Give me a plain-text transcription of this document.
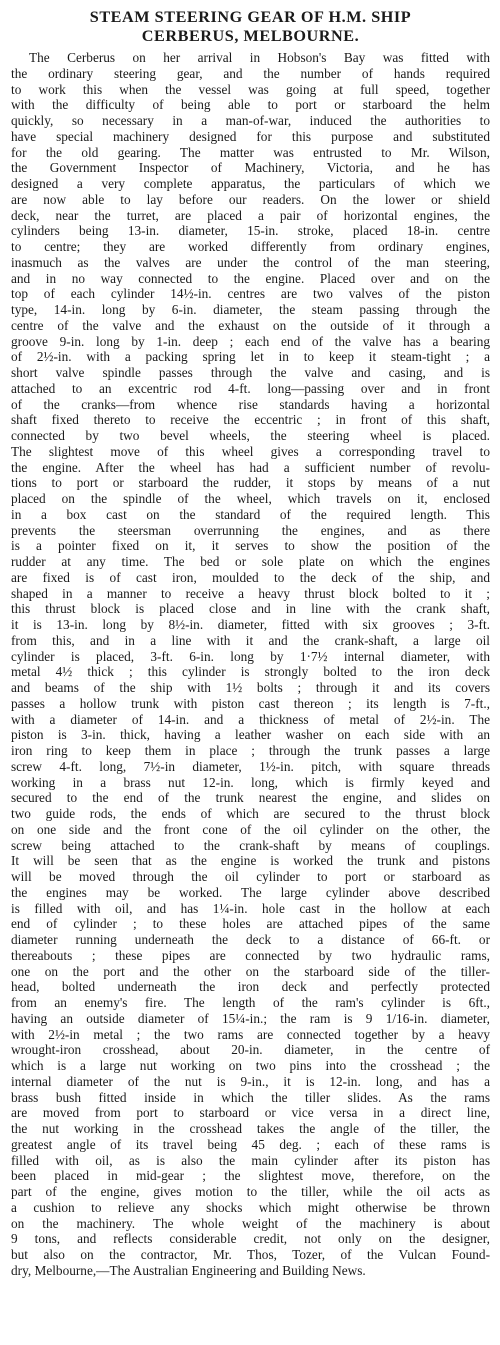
STEAM STEERING GEAR OF H.M. SHIP
CERBERUS, MELBOURNE.
The Cerberus on her arrival in Hobson's Bay was fitted with
the ordinary steering gear, and the number of hands required
to work this when the vessel was going at full speed, together
with the difficulty of being able to port or starboard the helm
quickly, so necessary in a man-of-war, induced the authorities to
have special machinery designed for this purpose and substituted
for the old gearing. The matter was entrusted to Mr. Wilson,
the Government Inspector of Machinery, Victoria, and he has
designed a very complete apparatus, the particulars of which we
are now able to lay before our readers. On the lower or shield
deck, near the turret, are placed a pair of horizontal engines, the
cylinders being 13-in. diameter, 15-in. stroke, placed 18-in. centre
to centre; they are worked differently from ordinary engines,
inasmuch as the valves are under the control of the man steering,
and in no way connected to the engine. Placed over and on the
top of each cylinder 14½-in. centres are two valves of the piston
type, 14-in. long by 6-in. diameter, the steam passing through the
centre of the valve and the exhaust on the outside of it through a
groove 9-in. long by 1-in. deep ; each end of the valve has a bearing
of 2½-in. with a packing spring let in to keep it steam-tight ; a
short valve spindle passes through the valve and casing, and is
attached to an excentric rod 4-ft. long—passing over and in front
of the cranks—from whence rise standards having a horizontal
shaft fixed thereto to receive the eccentric ; in front of this shaft,
connected by two bevel wheels, the steering wheel is placed.
The slightest move of this wheel gives a corresponding travel to
the engine. After the wheel has had a sufficient number of revolu-
tions to port or starboard the rudder, it stops by means of a nut
placed on the spindle of the wheel, which travels on it, enclosed
in a box cast on the standard of the required length. This
prevents the steersman overrunning the engines, and as there
is a pointer fixed on it, it serves to show the position of the
rudder at any time. The bed or sole plate on which the engines
are fixed is of cast iron, moulded to the deck of the ship, and
shaped in a manner to receive a heavy thrust block bolted to it ;
this thrust block is placed close and in line with the crank shaft,
it is 13-in. long by 8½-in. diameter, fitted with six grooves ; 3-ft.
from this, and in a line with it and the crank-shaft, a large oil
cylinder is placed, 3-ft. 6-in. long by 1·7½ internal diameter, with
metal 4½ thick ; this cylinder is strongly bolted to the iron deck
and beams of the ship with 1½ bolts ; through it and its covers
passes a hollow trunk with piston cast thereon ; its length is 7-ft.,
with a diameter of 14-in. and a thickness of metal of 2½-in. The
piston is 3-in. thick, having a leather washer on each side with an
iron ring to keep them in place ; through the trunk passes a large
screw 4-ft. long, 7½-in diameter, 1½-in. pitch, with square threads
working in a brass nut 12-in. long, which is firmly keyed and
secured to the end of the trunk nearest the engine, and slides on
two guide rods, the ends of which are secured to the thrust block
on one side and the front cone of the oil cylinder on the other, the
screw being attached to the crank-shaft by means of couplings.
It will be seen that as the engine is worked the trunk and pistons
will be moved through the oil cylinder to port or starboard as
the engines may be worked. The large cylinder above described
is filled with oil, and has 1¼-in. hole cast in the hollow at each
end of cylinder ; to these holes are attached pipes of the same
diameter running underneath the deck to a distance of 66-ft. or
thereabouts ; these pipes are connected by two hydraulic rams,
one on the port and the other on the starboard side of the tiller-
head, bolted underneath the iron deck and perfectly protected
from an enemy's fire. The length of the ram's cylinder is 6ft.,
having an outside diameter of 15¼-in.; the ram is 9 1/16-in. diameter,
with 2½-in metal ; the two rams are connected together by a heavy
wrought-iron crosshead, about 20-in. diameter, in the centre of
which is a large nut working on two pins into the crosshead ; the
internal diameter of the nut is 9-in., it is 12-in. long, and has a
brass bush fitted inside in which the tiller slides. As the rams
are moved from port to starboard or vice versa in a direct line,
the nut working in the crosshead takes the angle of the tiller, the
greatest angle of its travel being 45 deg. ; each of these rams is
filled with oil, as is also the main cylinder after its piston has
been placed in mid-gear ; the slightest move, therefore, on the
part of the engine, gives motion to the tiller, while the oil acts as
a cushion to relieve any shocks which might otherwise be thrown
on the machinery. The whole weight of the machinery is about
9 tons, and reflects considerable credit, not only on the designer,
but also on the contractor, Mr. Thos, Tozer, of the Vulcan Found-
dry, Melbourne,—The Australian Engineering and Building News.
